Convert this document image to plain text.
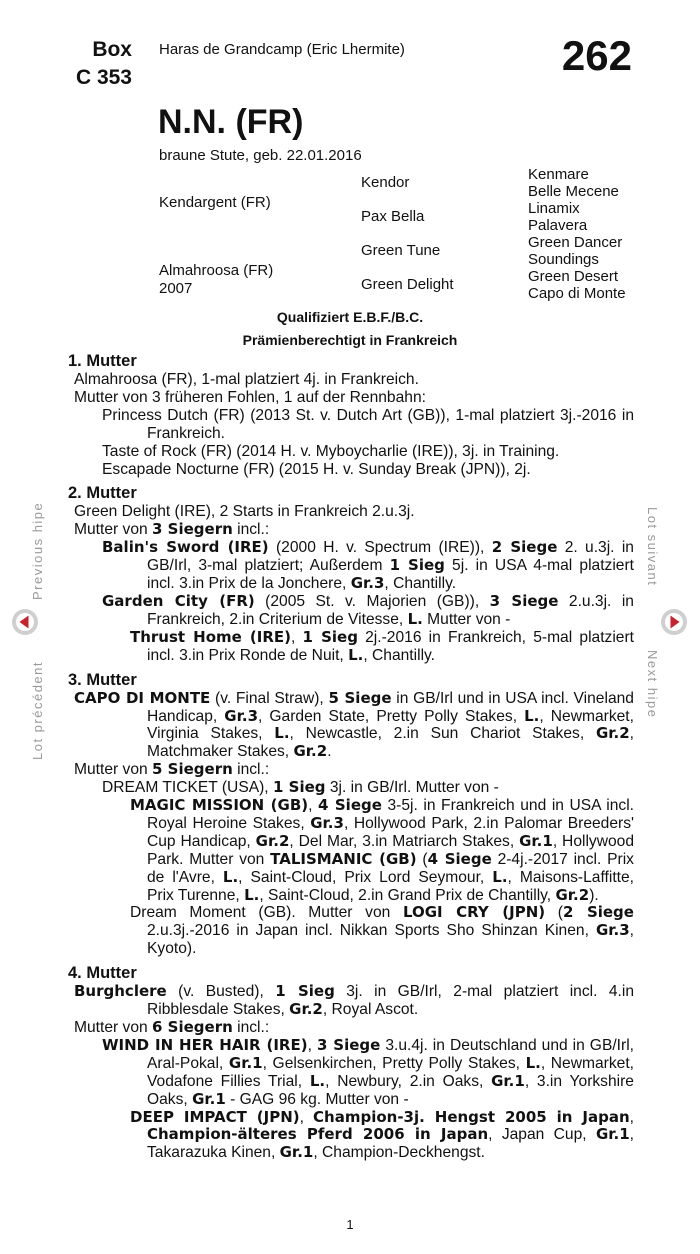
Box
C 353
Haras de Grandcamp (Eric Lhermite)	262
N.N. (FR)
braune Stute, geb. 22.01.2016
Kendargent (FR)
Almahroosa (FR)
2007
Kendor
Pax Bella
Green Tune
Green Delight
Kenmare
Belle Mecene
Linamix
Palavera
Green Dancer
Soundings
Green Desert
Capo di Monte
Qualifiziert E.B.F./B.C.
Prämienberechtigt in Frankreich
1. Mutter
Almahroosa (FR), 1-mal platziert 4j. in Frankreich.
Mutter von 3 früheren Fohlen, 1 auf der Rennbahn:
Princess Dutch (FR) (2013 St. v. Dutch Art (GB)), 1-mal platziert 3j.-2016 in Frankreich.
Taste of Rock (FR) (2014 H. v. Myboycharlie (IRE)), 3j. in Training.
Escapade Nocturne (FR) (2015 H. v. Sunday Break (JPN)), 2j.
2. Mutter
Green Delight (IRE), 2 Starts in Frankreich 2.u.3j.
Mutter von 3 Siegern incl.:
Balin's Sword (IRE) (2000 H. v. Spectrum (IRE)), 2 Siege 2. u.3j. in GB/Irl, 3-mal platziert; Außerdem 1 Sieg 5j. in USA 4-mal platziert incl. 3.in Prix de la Jonchere, Gr.3, Chantilly.
Garden City (FR) (2005 St. v. Majorien (GB)), 3 Siege 2.u.3j. in Frankreich, 2.in Criterium de Vitesse, L. Mutter von -
Thrust Home (IRE), 1 Sieg 2j.-2016 in Frankreich, 5-mal platziert incl. 3.in Prix Ronde de Nuit, L., Chantilly.
3. Mutter
CAPO DI MONTE (v. Final Straw), 5 Siege in GB/Irl und in USA incl. Vineland Handicap, Gr.3, Garden State, Pretty Polly Stakes, L., Newmarket, Virginia Stakes, L., Newcastle, 2.in Sun Chariot Stakes, Gr.2, Matchmaker Stakes, Gr.2.
Mutter von 5 Siegern incl.:
DREAM TICKET (USA), 1 Sieg 3j. in GB/Irl. Mutter von -
MAGIC MISSION (GB), 4 Siege 3-5j. in Frankreich und in USA incl. Royal Heroine Stakes, Gr.3, Hollywood Park, 2.in Palomar Breeders' Cup Handicap, Gr.2, Del Mar, 3.in Matriarch Stakes, Gr.1, Hollywood Park. Mutter von TALISMANIC (GB) (4 Siege 2-4j.-2017 incl. Prix de l'Avre, L., Saint-Cloud, Prix Lord Seymour, L., Maisons-Laffitte, Prix Turenne, L., Saint-Cloud, 2.in Grand Prix de Chantilly, Gr.2).
Dream Moment (GB). Mutter von LOGI CRY (JPN) (2 Siege 2.u.3j.-2016 in Japan incl. Nikkan Sports Sho Shinzan Kinen, Gr.3, Kyoto).
4. Mutter
Burghclere (v. Busted), 1 Sieg 3j. in GB/Irl, 2-mal platziert incl. 4.in Ribblesdale Stakes, Gr.2, Royal Ascot.
Mutter von 6 Siegern incl.:
WIND IN HER HAIR (IRE), 3 Siege 3.u.4j. in Deutschland und in GB/Irl, Aral-Pokal, Gr.1, Gelsenkirchen, Pretty Polly Stakes, L., Newmarket, Vodafone Fillies Trial, L., Newbury, 2.in Oaks, Gr.1, 3.in Yorkshire Oaks, Gr.1 - GAG 96 kg. Mutter von -
DEEP IMPACT (JPN), Champion-3j. Hengst 2005 in Japan, Champion-älteres Pferd 2006 in Japan, Japan Cup, Gr.1, Takarazuka Kinen, Gr.1, Champion-Deckhengst.
Previous hipe
Lot précédent
Lot suivant
Next hipe
1
